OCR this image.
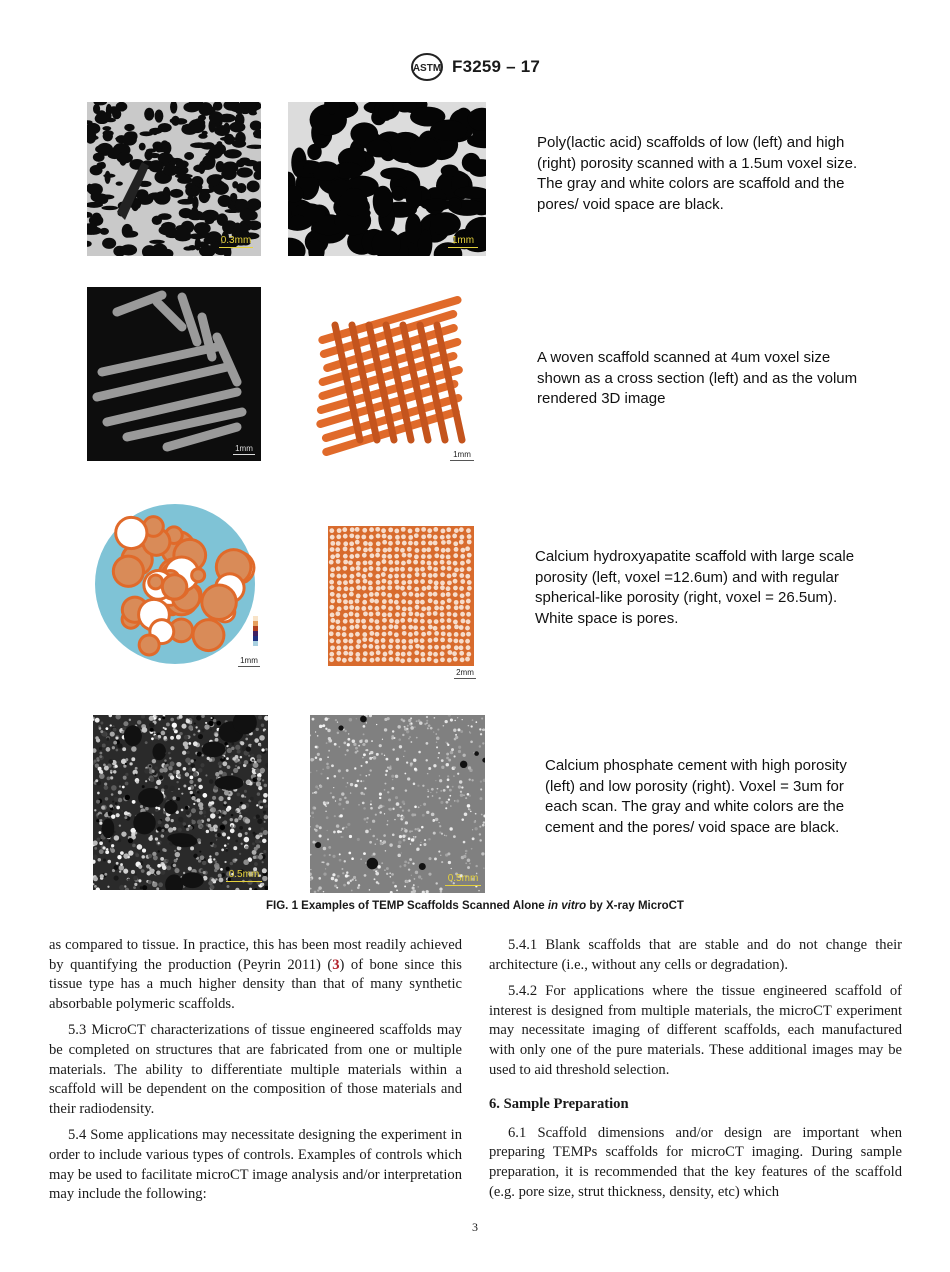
ASTM F3259 – 17
0.3mm	1mm
Poly(lactic acid) scaffolds of low (left) and high (right) porosity scanned with a 1.5um voxel size. The gray and white colors are scaffold and the pores/ void space are black.
1mm
1mm
A woven scaffold scanned at 4um voxel size shown as a cross section (left) and as the volum rendered 3D image
1mm
2mm
Calcium hydroxyapatite scaffold with large scale porosity (left, voxel =12.6um) and with regular spherical-like porosity (right, voxel = 26.5um). White space is pores.
0.5mm	0.5mm
Calcium phosphate cement with high porosity (left) and low porosity (right). Voxel = 3um for each scan. The gray and white colors are the cement and the pores/ void space are black.
FIG. 1 Examples of TEMP Scaffolds Scanned Alone in vitro by X-ray MicroCT

as compared to tissue. In practice, this has been most readily achieved by quantifying the production (Peyrin 2011) (3) of bone since this tissue type has a much higher density than that of many synthetic absorbable polymeric scaffolds.

5.3 MicroCT characterizations of tissue engineered scaffolds may be completed on structures that are fabricated from one or multiple materials. The ability to differentiate multiple materials within a scaffold will be dependent on the composition of those materials and their radiodensity.

5.4 Some applications may necessitate designing the experiment in order to include various types of controls. Examples of controls which may be used to facilitate microCT image analysis and/or interpretation may include the following:

5.4.1 Blank scaffolds that are stable and do not change their architecture (i.e., without any cells or degradation).

5.4.2 For applications where the tissue engineered scaffold of interest is designed from multiple materials, the microCT experiment may necessitate imaging of different scaffolds, each manufactured with only one of the pure materials. These additional images may be used to aid threshold selection.

6. Sample Preparation

6.1 Scaffold dimensions and/or design are important when preparing TEMPs scaffolds for microCT imaging. During sample preparation, it is recommended that the key features of the scaffold (e.g. pore size, strut thickness, density, etc) which

3
